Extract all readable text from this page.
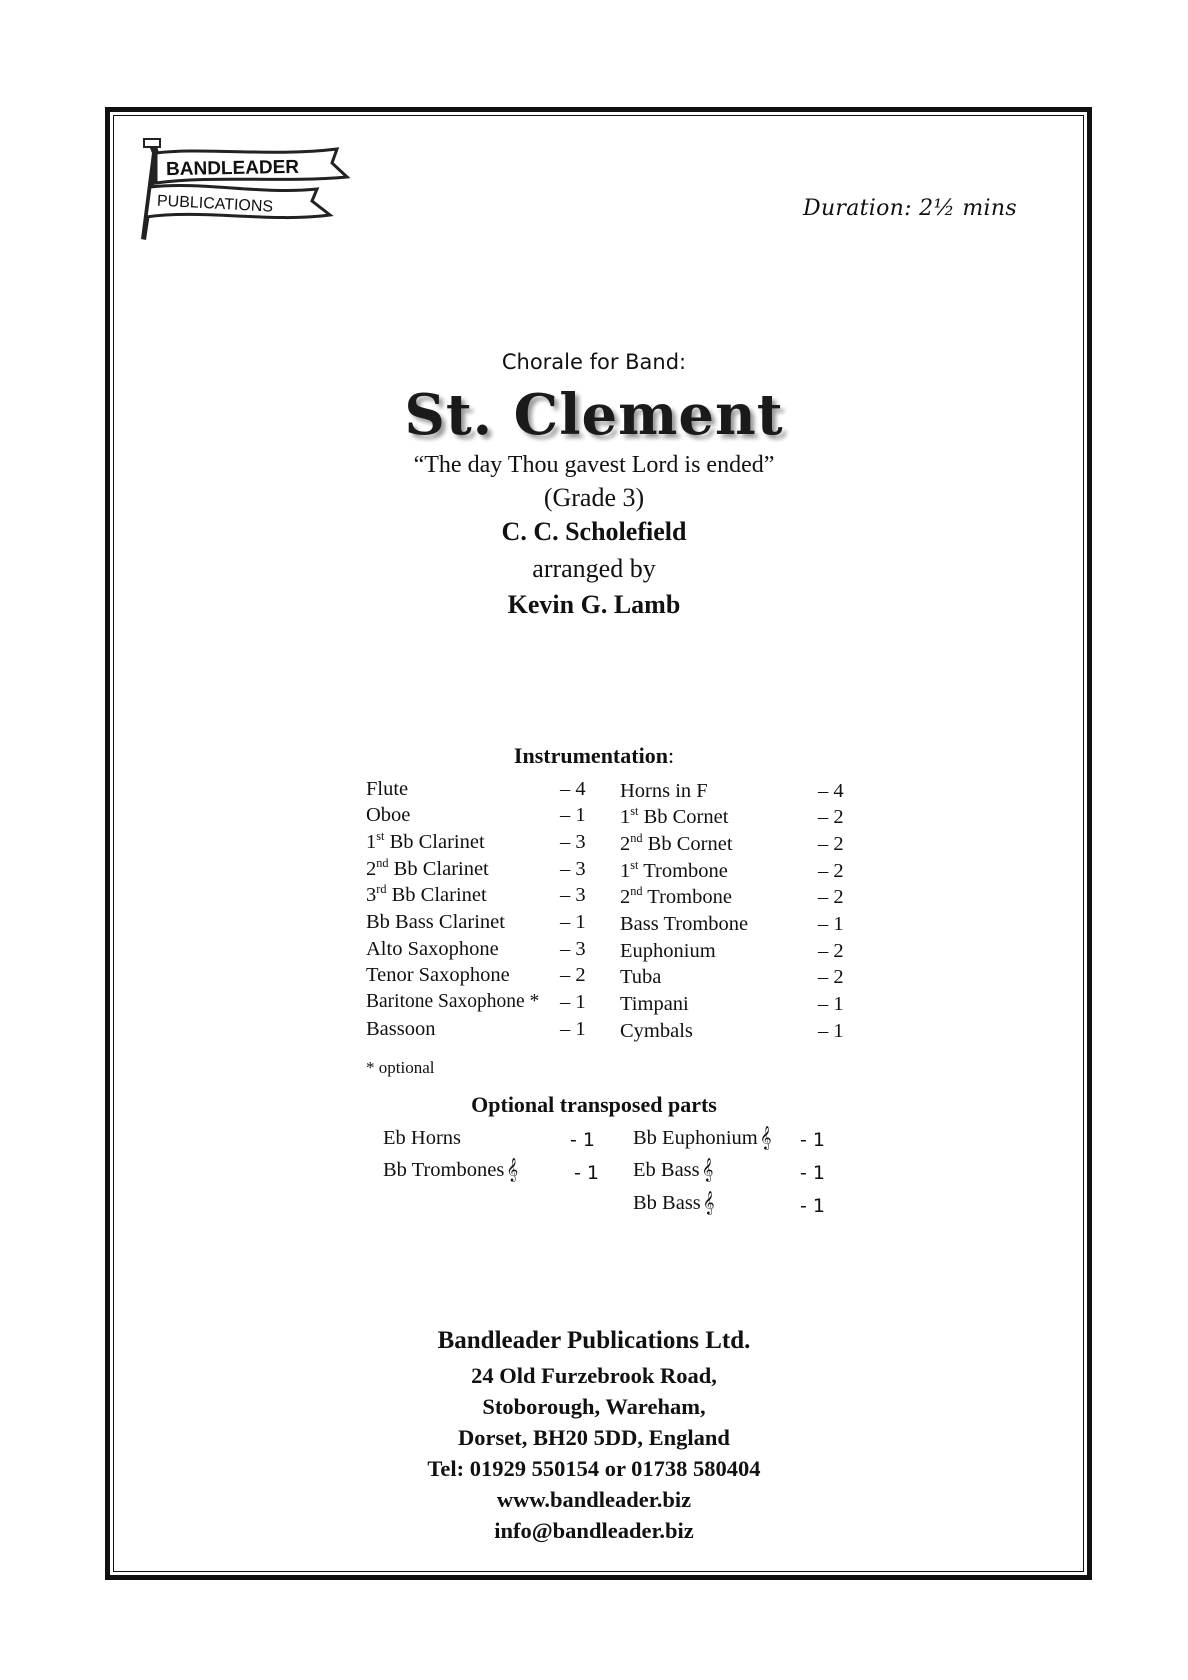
BANDLEADER
PUBLICATIONS	Duration: 2½ mins
Chorale for Band:
St. Clement
“The day Thou gavest Lord is ended”
(Grade 3)
C. C. Scholefield
arranged by
Kevin G. Lamb
Instrumentation:
Flute	– 4
Oboe	– 1
1st Bb Clarinet	– 3
2nd Bb Clarinet	– 3
3rd Bb Clarinet	– 3
Bb Bass Clarinet	– 1
Alto Saxophone	– 3
Tenor Saxophone – 2
Baritone Saxophone * – 1
Bassoon	– 1
Horns in F	– 4
1st Bb Cornet	– 2
2nd Bb Cornet	– 2
1st Trombone	– 2
2nd Trombone	– 2
Bass Trombone	– 1
Euphonium	– 2
Tuba	– 2
Timpani	– 1
Cymbals	– 1
* optional
Optional transposed parts
Eb Horns	- 1
Bb Trombones 𝄞	- 1
Bb Euphonium 𝄞 - 1
Eb Bass 𝄞	- 1
Bb Bass 𝄞	- 1
Bandleader Publications Ltd.
24 Old Furzebrook Road,
Stoborough, Wareham,
Dorset, BH20 5DD, England
Tel: 01929 550154 or 01738 580404
www.bandleader.biz
info@bandleader.biz
